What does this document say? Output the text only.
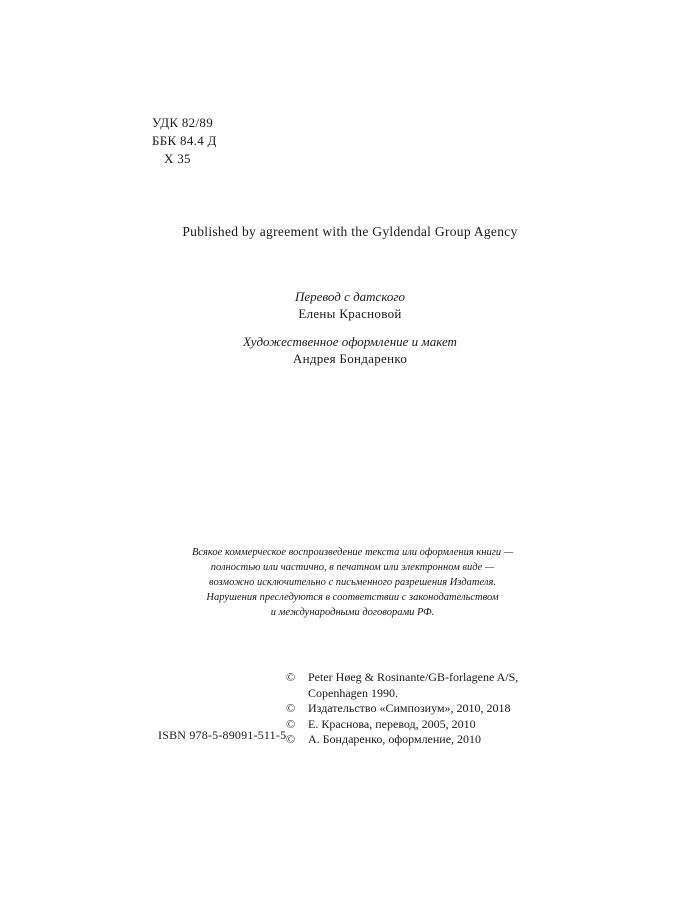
УДК 82/89
ББК 84.4 Д
Х 35
Published by agreement with the Gyldendal Group Agency
Перевод с датского
Елены Красновой
Художественное оформление и макет
Андрея Бондаренко
Всякое коммерческое воспроизведение текста или оформления книги —
полностью или частично, в печатном или электронном виде —
возможно исключительно с письменного разрешения Издателя.
Нарушения преследуются в соответствии с законодательством
и международными договорами РФ.
ISBN 978-5-89091-511-5
© Peter Høeg & Rosinante/GB-forlagene A/S,
Copenhagen 1990.
© Издательство «Симпозиум», 2010, 2018
© Е. Краснова, перевод, 2005, 2010
© А. Бондаренко, оформление, 2010
